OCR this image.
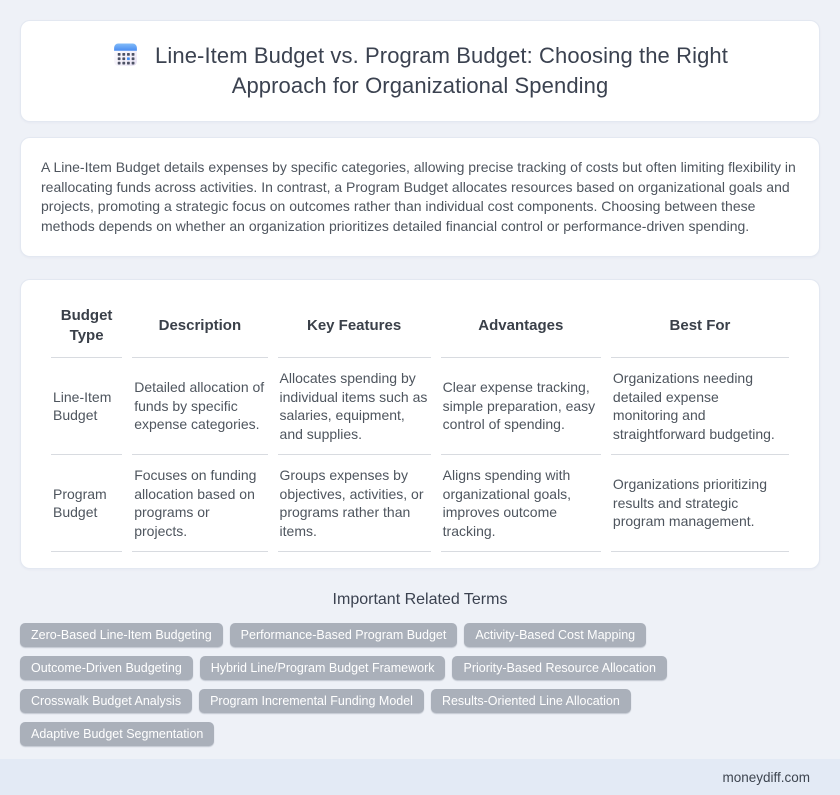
Line-Item Budget vs. Program Budget: Choosing the Right Approach for Organizational Spending

A Line-Item Budget details expenses by specific categories, allowing precise tracking of costs but often limiting flexibility in reallocating funds across activities. In contrast, a Program Budget allocates resources based on organizational goals and projects, promoting a strategic focus on outcomes rather than individual cost components. Choosing between these methods depends on whether an organization prioritizes detailed financial control or performance-driven spending.

Budget Type	Description	Key Features	Advantages	Best For
Line-Item Budget	Detailed allocation of funds by specific expense categories.	Allocates spending by individual items such as salaries, equipment, and supplies.	Clear expense tracking, simple preparation, easy control of spending.	Organizations needing detailed expense monitoring and straightforward budgeting.
Program Budget	Focuses on funding allocation based on programs or projects.	Groups expenses by objectives, activities, or programs rather than items.	Aligns spending with organizational goals, improves outcome tracking.	Organizations prioritizing results and strategic program management.
Important Related Terms
Zero-Based Line-Item Budgeting	Performance-Based Program Budget	Activity-Based Cost Mapping
Outcome-Driven Budgeting	Hybrid Line/Program Budget Framework	Priority-Based Resource Allocation
Crosswalk Budget Analysis	Program Incremental Funding Model	Results-Oriented Line Allocation
Adaptive Budget Segmentation
moneydiff.com
